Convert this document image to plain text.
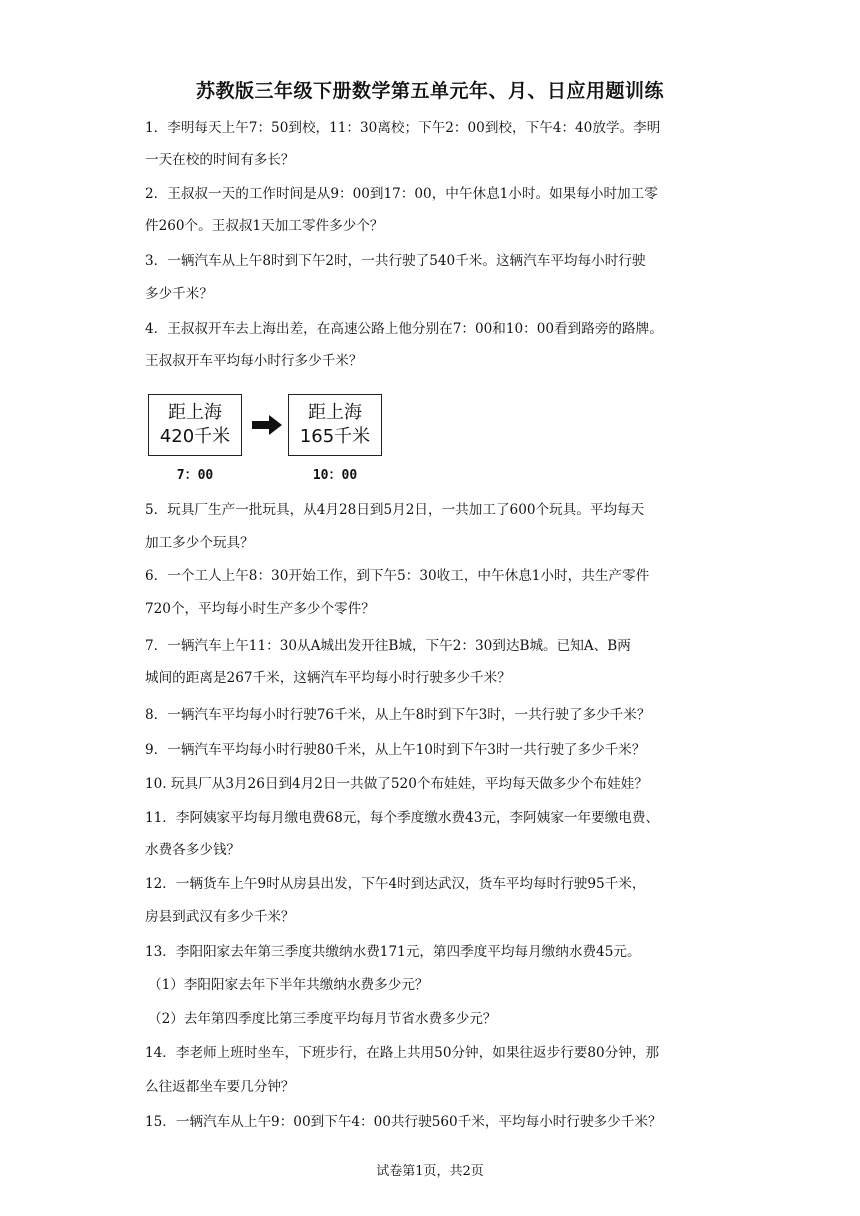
苏教版三年级下册数学第五单元年、月、日应用题训练
1．李明每天上午7：50到校，11：30离校；下午2：00到校，下午4：40放学。李明
一天在校的时间有多长？
2．王叔叔一天的工作时间是从9：00到17：00，中午休息1小时。如果每小时加工零
件260个。王叔叔1天加工零件多少个？
3．一辆汽车从上午8时到下午2时，一共行驶了540千米。这辆汽车平均每小时行驶
多少千米？
4．王叔叔开车去上海出差，在高速公路上他分别在7：00和10：00看到路旁的路牌。
王叔叔开车平均每小时行多少千米？
距上海
420千米
距上海
165千米
7：00	10：00
5．玩具厂生产一批玩具，从4月28日到5月2日，一共加工了600个玩具。平均每天
加工多少个玩具？
6．一个工人上午8：30开始工作，到下午5：30收工，中午休息1小时，共生产零件
720个，平均每小时生产多少个零件？
7．一辆汽车上午11：30从A城出发开往B城，下午2：30到达B城。已知A、B两
城间的距离是267千米，这辆汽车平均每小时行驶多少千米？
8．一辆汽车平均每小时行驶76千米，从上午8时到下午3时，一共行驶了多少千米？
9．一辆汽车平均每小时行驶80千米，从上午10时到下午3时一共行驶了多少千米？
10. 玩具厂从3月26日到4月2日一共做了520个布娃娃，平均每天做多少个布娃娃？
11．李阿姨家平均每月缴电费68元，每个季度缴水费43元，李阿姨家一年要缴电费、
水费各多少钱？
12．一辆货车上午9时从房县出发，下午4时到达武汉，货车平均每时行驶95千米，
房县到武汉有多少千米？
13．李阳阳家去年第三季度共缴纳水费171元，第四季度平均每月缴纳水费45元。
（1）李阳阳家去年下半年共缴纳水费多少元？
（2）去年第四季度比第三季度平均每月节省水费多少元？
14．李老师上班时坐车，下班步行，在路上共用50分钟，如果往返步行要80分钟，那
么往返都坐车要几分钟？
15．一辆汽车从上午9：00到下午4：00共行驶560千米，平均每小时行驶多少千米？
试卷第1页，共2页
